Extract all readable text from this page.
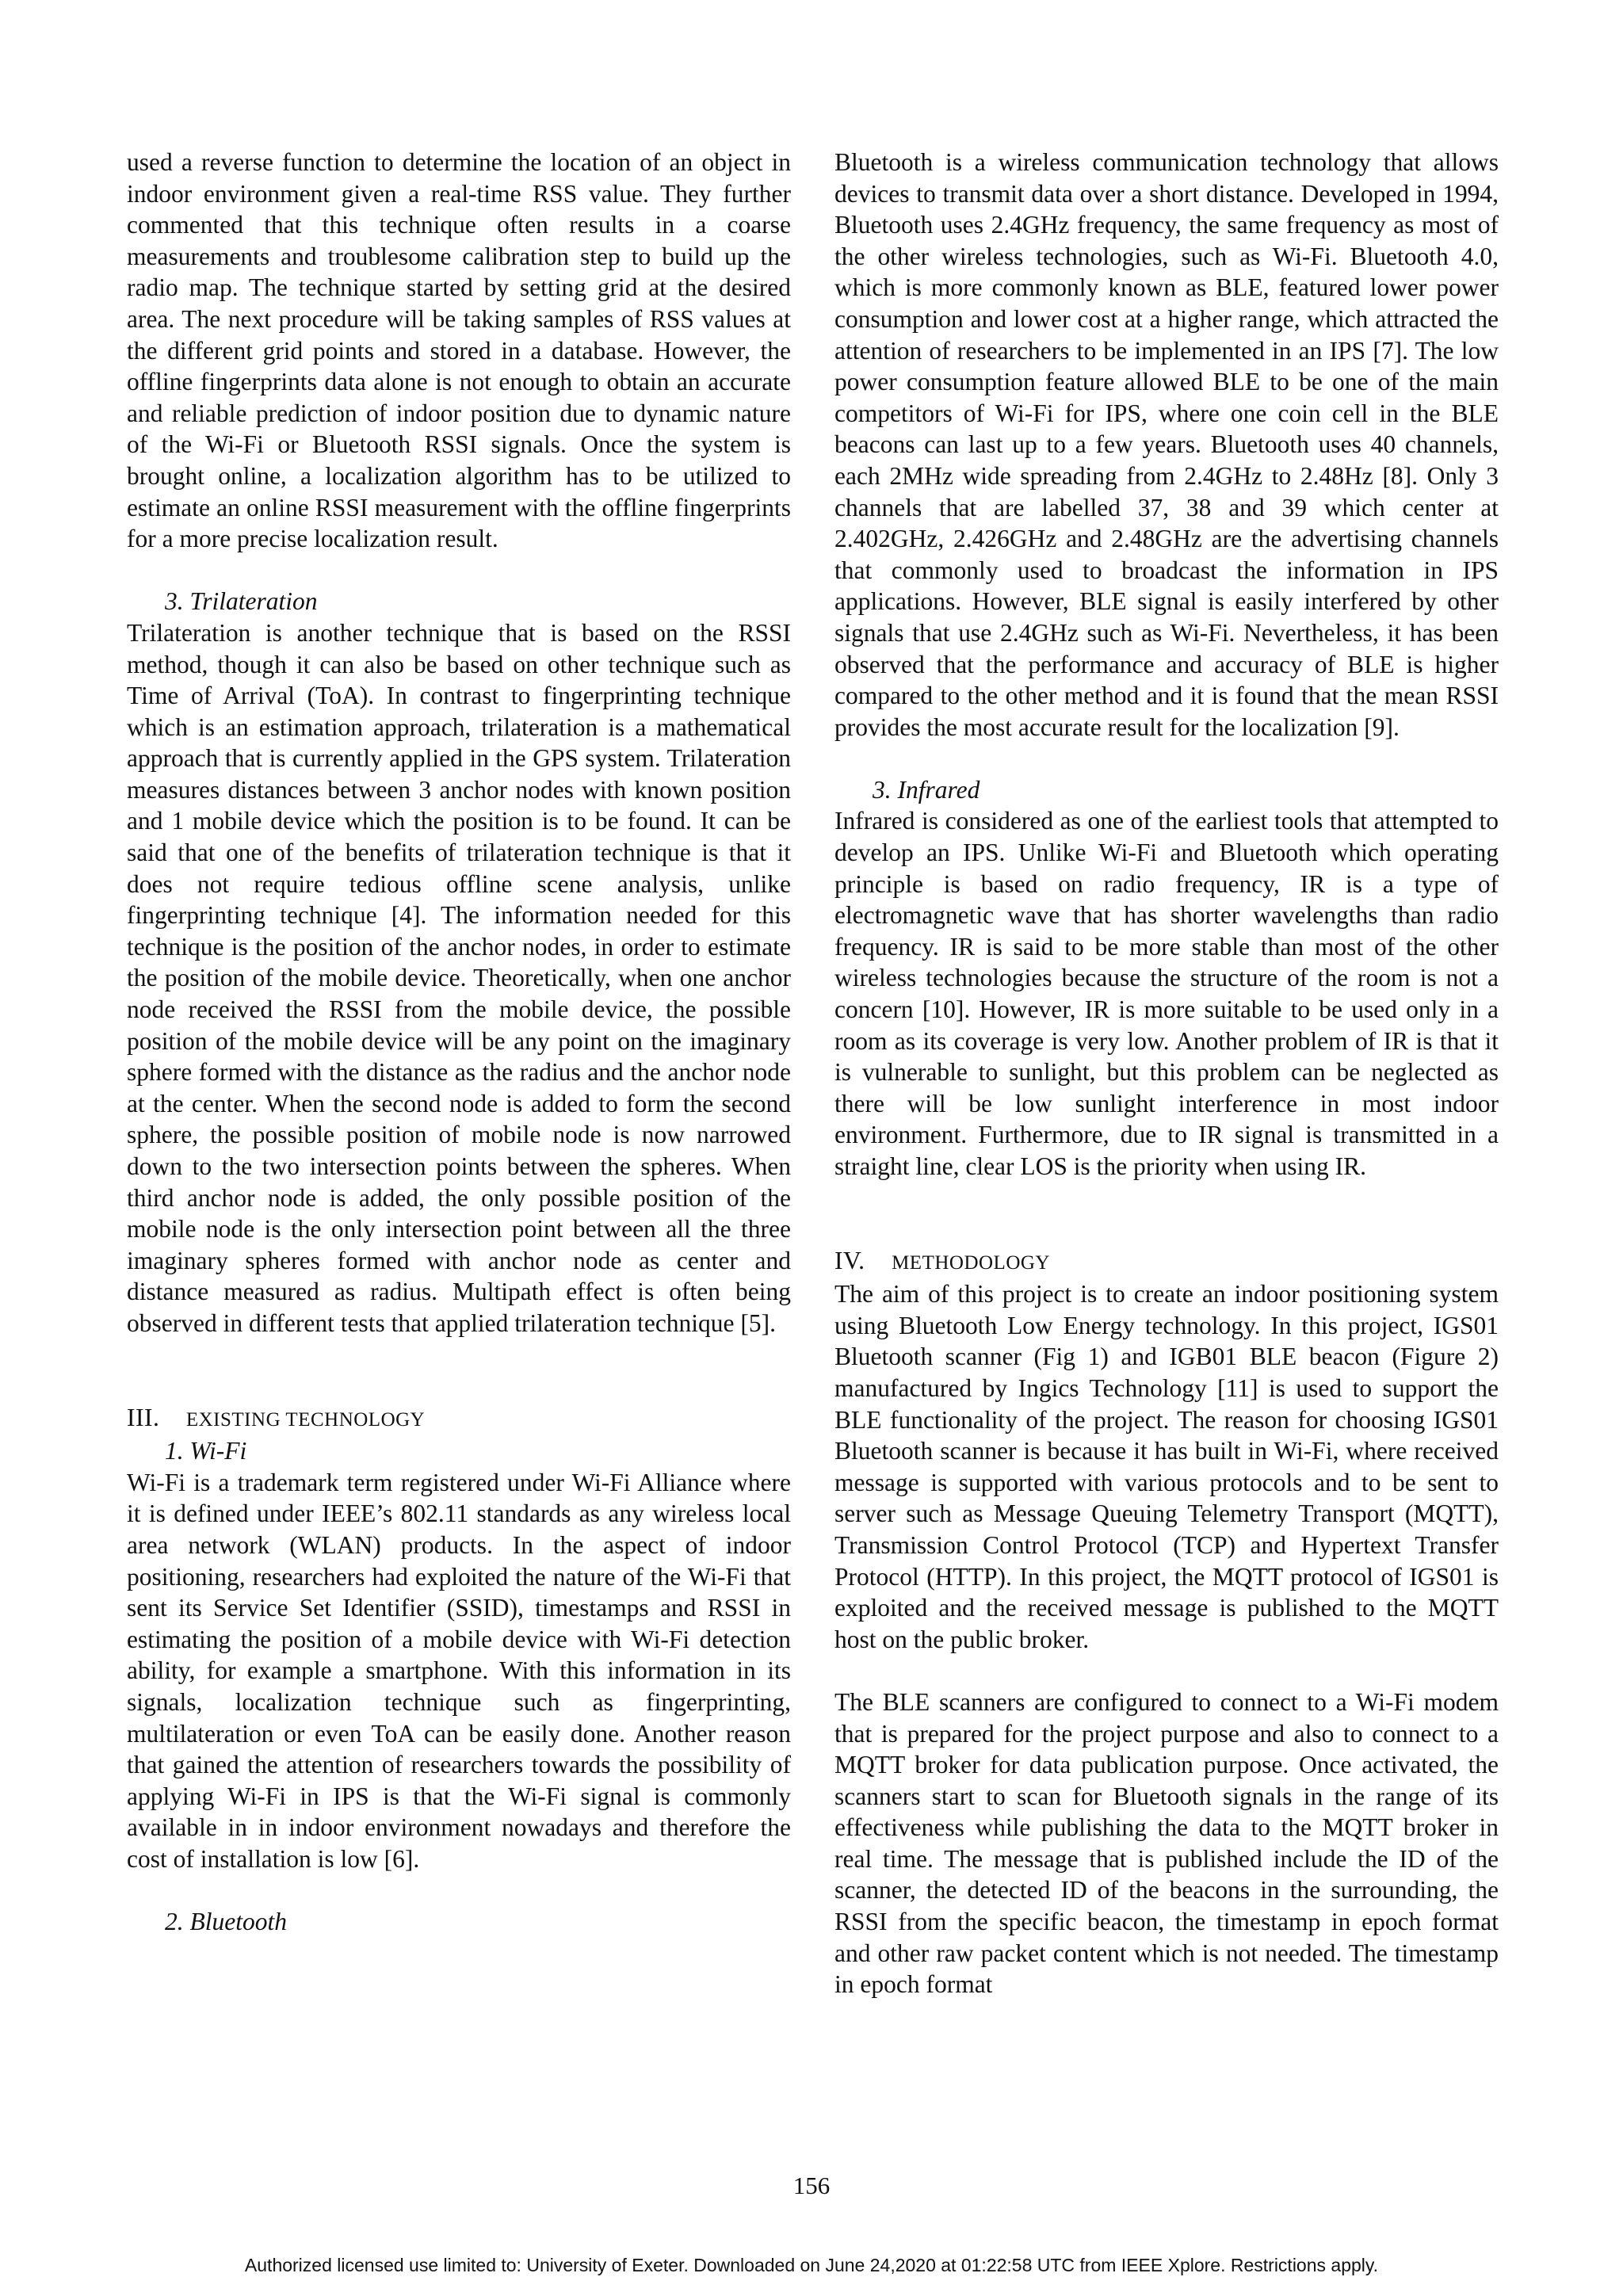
used a reverse function to determine the location of an object in indoor environment given a real-time RSS value. They further commented that this technique often results in a coarse measurements and troublesome calibration step to build up the radio map. The technique started by setting grid at the desired area. The next procedure will be taking samples of RSS values at the different grid points and stored in a database. However, the offline fingerprints data alone is not enough to obtain an accurate and reliable prediction of indoor position due to dynamic nature of the Wi-Fi or Bluetooth RSSI signals. Once the system is brought online, a localization algorithm has to be utilized to estimate an online RSSI measurement with the offline fingerprints for a more precise localization result.

3. Trilateration

Trilateration is another technique that is based on the RSSI method, though it can also be based on other technique such as Time of Arrival (ToA). In contrast to fingerprinting technique which is an estimation approach, trilateration is a mathematical approach that is currently applied in the GPS system. Trilateration measures distances between 3 anchor nodes with known position and 1 mobile device which the position is to be found. It can be said that one of the benefits of trilateration technique is that it does not require tedious offline scene analysis, unlike fingerprinting technique [4]. The information needed for this technique is the position of the anchor nodes, in order to estimate the position of the mobile device. Theoretically, when one anchor node received the RSSI from the mobile device, the possible position of the mobile device will be any point on the imaginary sphere formed with the distance as the radius and the anchor node at the center. When the second node is added to form the second sphere, the possible position of mobile node is now narrowed down to the two intersection points between the spheres. When third anchor node is added, the only possible position of the mobile node is the only intersection point between all the three imaginary spheres formed with anchor node as center and distance measured as radius. Multipath effect is often being observed in different tests that applied trilateration technique [5].

III. EXISTING TECHNOLOGY

1. Wi-Fi

Wi-Fi is a trademark term registered under Wi-Fi Alliance where it is defined under IEEE’s 802.11 standards as any wireless local area network (WLAN) products. In the aspect of indoor positioning, researchers had exploited the nature of the Wi-Fi that sent its Service Set Identifier (SSID), timestamps and RSSI in estimating the position of a mobile device with Wi-Fi detection ability, for example a smartphone. With this information in its signals, localization technique such as fingerprinting, multilateration or even ToA can be easily done. Another reason that gained the attention of researchers towards the possibility of applying Wi-Fi in IPS is that the Wi-Fi signal is commonly available in in indoor environment nowadays and therefore the cost of installation is low [6].

2. Bluetooth

Bluetooth is a wireless communication technology that allows devices to transmit data over a short distance. Developed in 1994, Bluetooth uses 2.4GHz frequency, the same frequency as most of the other wireless technologies, such as Wi-Fi. Bluetooth 4.0, which is more commonly known as BLE, featured lower power consumption and lower cost at a higher range, which attracted the attention of researchers to be implemented in an IPS [7]. The low power consumption feature allowed BLE to be one of the main competitors of Wi-Fi for IPS, where one coin cell in the BLE beacons can last up to a few years. Bluetooth uses 40 channels, each 2MHz wide spreading from 2.4GHz to 2.48Hz [8]. Only 3 channels that are labelled 37, 38 and 39 which center at 2.402GHz, 2.426GHz and 2.48GHz are the advertising channels that commonly used to broadcast the information in IPS applications. However, BLE signal is easily interfered by other signals that use 2.4GHz such as Wi-Fi. Nevertheless, it has been observed that the performance and accuracy of BLE is higher compared to the other method and it is found that the mean RSSI provides the most accurate result for the localization [9].

3. Infrared

Infrared is considered as one of the earliest tools that attempted to develop an IPS. Unlike Wi-Fi and Bluetooth which operating principle is based on radio frequency, IR is a type of electromagnetic wave that has shorter wavelengths than radio frequency. IR is said to be more stable than most of the other wireless technologies because the structure of the room is not a concern [10]. However, IR is more suitable to be used only in a room as its coverage is very low. Another problem of IR is that it is vulnerable to sunlight, but this problem can be neglected as there will be low sunlight interference in most indoor environment. Furthermore, due to IR signal is transmitted in a straight line, clear LOS is the priority when using IR.

IV. METHODOLOGY

The aim of this project is to create an indoor positioning system using Bluetooth Low Energy technology. In this project, IGS01 Bluetooth scanner (Fig 1) and IGB01 BLE beacon (Figure 2) manufactured by Ingics Technology [11] is used to support the BLE functionality of the project. The reason for choosing IGS01 Bluetooth scanner is because it has built in Wi-Fi, where received message is supported with various protocols and to be sent to server such as Message Queuing Telemetry Transport (MQTT), Transmission Control Protocol (TCP) and Hypertext Transfer Protocol (HTTP). In this project, the MQTT protocol of IGS01 is exploited and the received message is published to the MQTT host on the public broker.

The BLE scanners are configured to connect to a Wi-Fi modem that is prepared for the project purpose and also to connect to a MQTT broker for data publication purpose. Once activated, the scanners start to scan for Bluetooth signals in the range of its effectiveness while publishing the data to the MQTT broker in real time. The message that is published include the ID of the scanner, the detected ID of the beacons in the surrounding, the RSSI from the specific beacon, the timestamp in epoch format and other raw packet content which is not needed. The timestamp in epoch format

156
Authorized licensed use limited to: University of Exeter. Downloaded on June 24,2020 at 01:22:58 UTC from IEEE Xplore. Restrictions apply.
